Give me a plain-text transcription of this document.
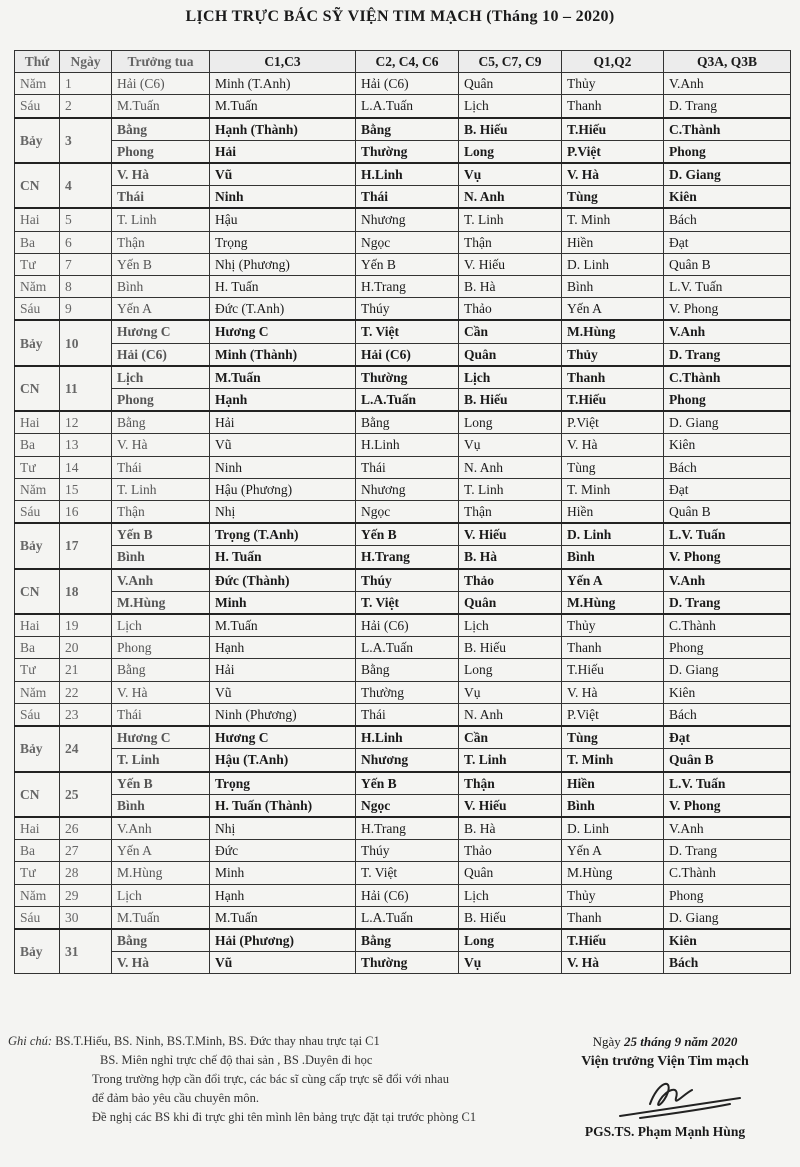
LỊCH TRỰC BÁC SỸ VIỆN TIM MẠCH (Tháng 10 – 2020)
Thứ	Ngày	Trưởng tua	C1,C3	C2, C4, C6	C5, C7, C9	Q1,Q2	Q3A, Q3B
Năm	1	Hải (C6)	Minh (T.Anh)	Hải (C6)	Quân	Thủy	V.Anh
Sáu	2	M.Tuấn	M.Tuấn	L.A.Tuấn	Lịch	Thanh	D. Trang
Bảy	3	Bằng	Hạnh (Thành)	Bằng	B. Hiếu	T.Hiếu	C.Thành
		Phong	Hải	Thường	Long	P.Việt	Phong
CN	4	V. Hà	Vũ	H.Linh	Vụ	V. Hà	D. Giang
		Thái	Ninh	Thái	N. Anh	Tùng	Kiên
Hai	5	T. Linh	Hậu	Nhương	T. Linh	T. Minh	Bách
Ba	6	Thận	Trọng	Ngọc	Thận	Hiền	Đạt
Tư	7	Yến B	Nhị (Phương)	Yến B	V. Hiếu	D. Linh	Quân B
Năm	8	Bình	H. Tuấn	H.Trang	B. Hà	Bình	L.V. Tuấn
Sáu	9	Yến A	Đức (T.Anh)	Thúy	Thảo	Yến A	V. Phong
Bảy	10	Hương C	Hương C	T. Việt	Cần	M.Hùng	V.Anh
		Hải (C6)	Minh (Thành)	Hải (C6)	Quân	Thủy	D. Trang
CN	11	Lịch	M.Tuấn	Thường	Lịch	Thanh	C.Thành
		Phong	Hạnh	L.A.Tuấn	B. Hiếu	T.Hiếu	Phong
Hai	12	Bằng	Hải	Bằng	Long	P.Việt	D. Giang
Ba	13	V. Hà	Vũ	H.Linh	Vụ	V. Hà	Kiên
Tư	14	Thái	Ninh	Thái	N. Anh	Tùng	Bách
Năm	15	T. Linh	Hậu (Phương)	Nhương	T. Linh	T. Minh	Đạt
Sáu	16	Thận	Nhị	Ngọc	Thận	Hiền	Quân B
Bảy	17	Yến B	Trọng (T.Anh)	Yến B	V. Hiếu	D. Linh	L.V. Tuấn
		Bình	H. Tuấn	H.Trang	B. Hà	Bình	V. Phong
CN	18	V.Anh	Đức (Thành)	Thúy	Thảo	Yến A	V.Anh
		M.Hùng	Minh	T. Việt	Quân	M.Hùng	D. Trang
Hai	19	Lịch	M.Tuấn	Hải (C6)	Lịch	Thủy	C.Thành
Ba	20	Phong	Hạnh	L.A.Tuấn	B. Hiếu	Thanh	Phong
Tư	21	Bằng	Hải	Bằng	Long	T.Hiếu	D. Giang
Năm	22	V. Hà	Vũ	Thường	Vụ	V. Hà	Kiên
Sáu	23	Thái	Ninh (Phương)	Thái	N. Anh	P.Việt	Bách
Bảy	24	Hương C	Hương C	H.Linh	Cần	Tùng	Đạt
		T. Linh	Hậu (T.Anh)	Nhương	T. Linh	T. Minh	Quân B
CN	25	Yến B	Trọng	Yến B	Thận	Hiền	L.V. Tuấn
		Bình	H. Tuấn (Thành)	Ngọc	V. Hiếu	Bình	V. Phong
Hai	26	V.Anh	Nhị	H.Trang	B. Hà	D. Linh	V.Anh
Ba	27	Yến A	Đức	Thúy	Thảo	Yến A	D. Trang
Tư	28	M.Hùng	Minh	T. Việt	Quân	M.Hùng	C.Thành
Năm	29	Lịch	Hạnh	Hải (C6)	Lịch	Thủy	Phong
Sáu	30	M.Tuấn	M.Tuấn	L.A.Tuấn	B. Hiếu	Thanh	D. Giang
Bảy	31	Bằng	Hải (Phương)	Bằng	Long	T.Hiếu	Kiên
		V. Hà	Vũ	Thường	Vụ	V. Hà	Bách
Ghi chú: BS.T.Hiếu, BS. Ninh, BS.T.Minh, BS. Đức thay nhau trực tại C1
BS. Miên nghỉ trực chế độ thai sản , BS .Duyên đi học
Trong trường hợp cần đổi trực, các bác sĩ cùng cấp trực sẽ đổi với nhau
để đảm bảo yêu cầu chuyên môn.
Đề nghị các BS khi đi trực ghi tên mình lên bảng trực đặt tại trước phòng C1
Ngày 25 tháng 9 năm 2020
Viện trưởng Viện Tim mạch
PGS.TS. Phạm Mạnh Hùng
